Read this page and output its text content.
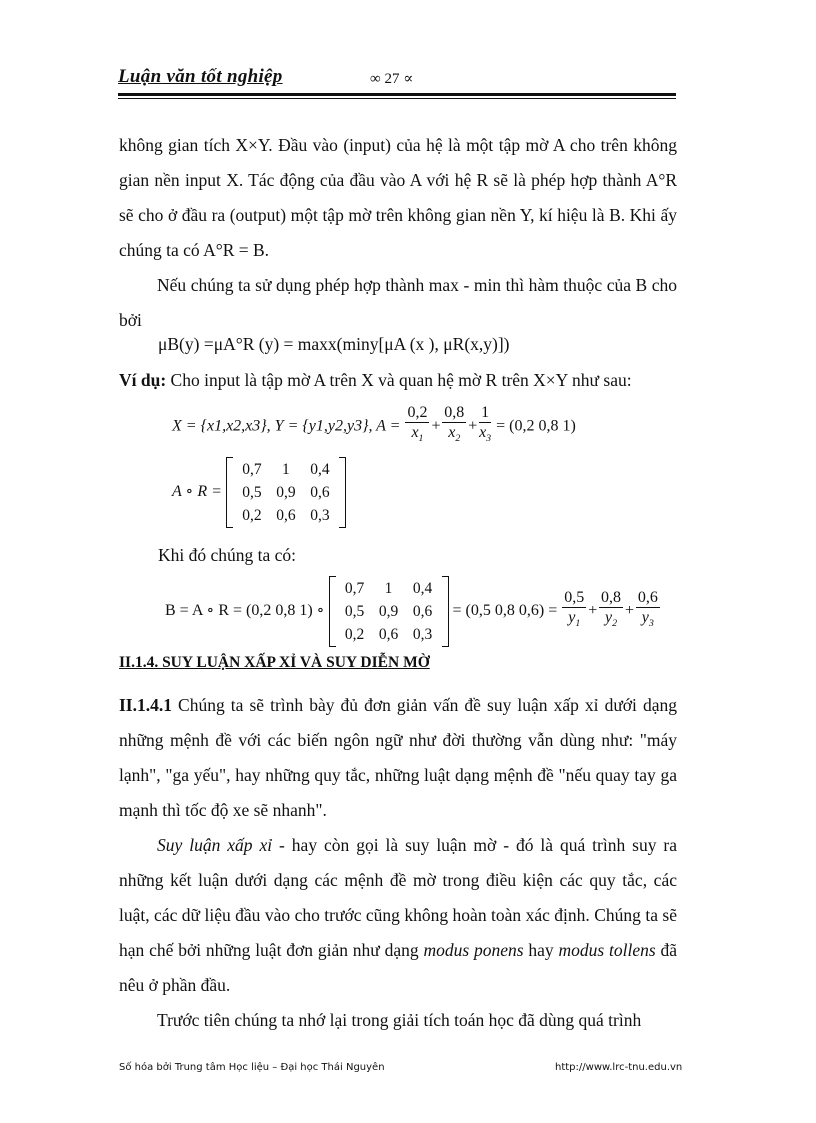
Luận văn tốt nghiệp	∞ 27 ∝

không gian tích X×Y. Đầu vào (input) của hệ là một tập mờ A cho trên không gian nền input X. Tác động của đầu vào A với hệ R sẽ là phép hợp thành A°R sẽ cho ở đầu ra (output) một tập mờ trên không gian nền Y, kí hiệu là B. Khi ấy chúng ta có A°R = B.

Nếu chúng ta sử dụng phép hợp thành max - min thì hàm thuộc của B cho bởi

μB(y) =μA°R (y) = maxx(miny[μA (x ), μR(x,y)])
Ví dụ: Cho input là tập mờ A trên X và quan hệ mờ R trên X×Y như sau:
X = {x1,x2,x3}, Y = {y1,y2,y3}, $A = \frac{0,2}{x_1} + \frac{0,8}{x_2} + \frac{1}{x_3} = (0,2$ 0,8 1)
A ∘ R =
0,7	1	0,4
0,5 0,9 0,6
0,2 0,6 0,3
Khi đó chúng ta có:
B = A ∘ R = (0,2 0,8 1) ∘
0,7	1	0,4
0,5 0,9 0,6
0,2 0,6 0,3
= (0,5 0,8 $0,6) = \frac{0,5}{y_1} + \frac{0,8}{y_2} + \frac{0,6}{y_3}$
II.1.4. SUY LUẬN XẤP XỈ VÀ SUY DIỄN MỜ

II.1.4.1 Chúng ta sẽ trình bày đủ đơn giản vấn đề suy luận xấp xỉ dưới dạng những mệnh đề với các biến ngôn ngữ như đời thường vẫn dùng như: "máy lạnh", "ga yếu", hay những quy tắc, những luật dạng mệnh đề "nếu quay tay ga mạnh thì tốc độ xe sẽ nhanh".

Suy luận xấp xỉ - hay còn gọi là suy luận mờ - đó là quá trình suy ra những kết luận dưới dạng các mệnh đề mờ trong điều kiện các quy tắc, các luật, các dữ liệu đầu vào cho trước cũng không hoàn toàn xác định. Chúng ta sẽ hạn chế bởi những luật đơn giản như dạng modus ponens hay modus tollens đã nêu ở phần đầu.

Trước tiên chúng ta nhớ lại trong giải tích toán học đã dùng quá trình

Số hóa bởi Trung tâm Học liệu – Đại học Thái Nguyên	http://www.lrc-tnu.edu.vn
